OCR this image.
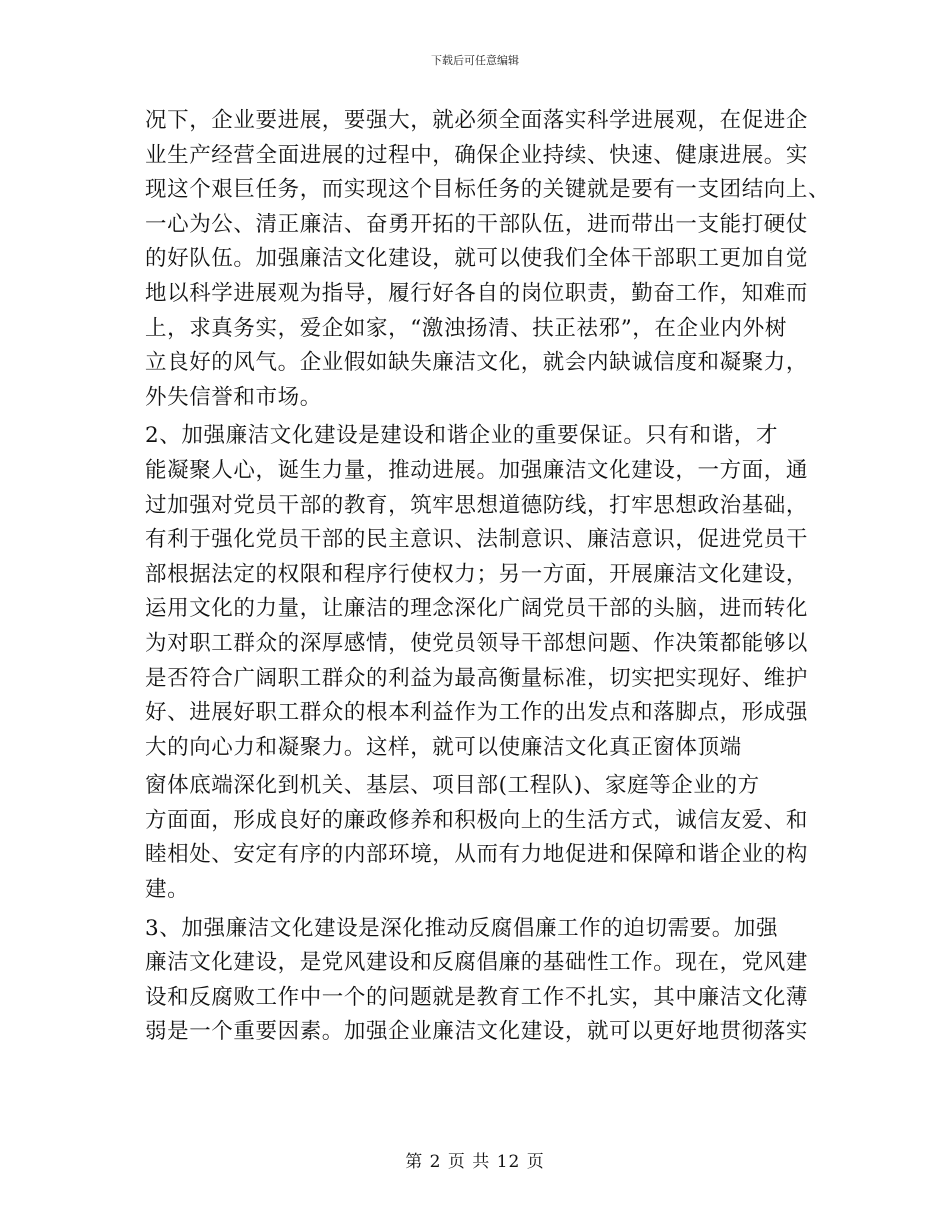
下载后可任意编辑
况下，企业要进展，要强大，就必须全面落实科学进展观，在促进企
业生产经营全面进展的过程中，确保企业持续、快速、健康进展。实
现这个艰巨任务，而实现这个目标任务的关键就是要有一支团结向上、
一心为公、清正廉洁、奋勇开拓的干部队伍，进而带出一支能打硬仗
的好队伍。加强廉洁文化建设，就可以使我们全体干部职工更加自觉
地以科学进展观为指导，履行好各自的岗位职责，勤奋工作，知难而
上，求真务实，爱企如家，“激浊扬清、扶正祛邪”，在企业内外树
立良好的风气。企业假如缺失廉洁文化，就会内缺诚信度和凝聚力，
外失信誉和市场。
2、加强廉洁文化建设是建设和谐企业的重要保证。只有和谐，才
能凝聚人心，诞生力量，推动进展。加强廉洁文化建设，一方面，通
过加强对党员干部的教育，筑牢思想道德防线，打牢思想政治基础，
有利于强化党员干部的民主意识、法制意识、廉洁意识，促进党员干
部根据法定的权限和程序行使权力；另一方面，开展廉洁文化建设，
运用文化的力量，让廉洁的理念深化广阔党员干部的头脑，进而转化
为对职工群众的深厚感情，使党员领导干部想问题、作决策都能够以
是否符合广阔职工群众的利益为最高衡量标准，切实把实现好、维护
好、进展好职工群众的根本利益作为工作的出发点和落脚点，形成强
大的向心力和凝聚力。这样，就可以使廉洁文化真正窗体顶端
窗体底端深化到机关、基层、项目部(工程队)、家庭等企业的方
方面面，形成良好的廉政修养和积极向上的生活方式，诚信友爱、和
睦相处、安定有序的内部环境，从而有力地促进和保障和谐企业的构
建。
3、加强廉洁文化建设是深化推动反腐倡廉工作的迫切需要。加强
廉洁文化建设，是党风建设和反腐倡廉的基础性工作。现在，党风建
设和反腐败工作中一个的问题就是教育工作不扎实，其中廉洁文化薄
弱是一个重要因素。加强企业廉洁文化建设，就可以更好地贯彻落实
第 2 页 共 12 页
